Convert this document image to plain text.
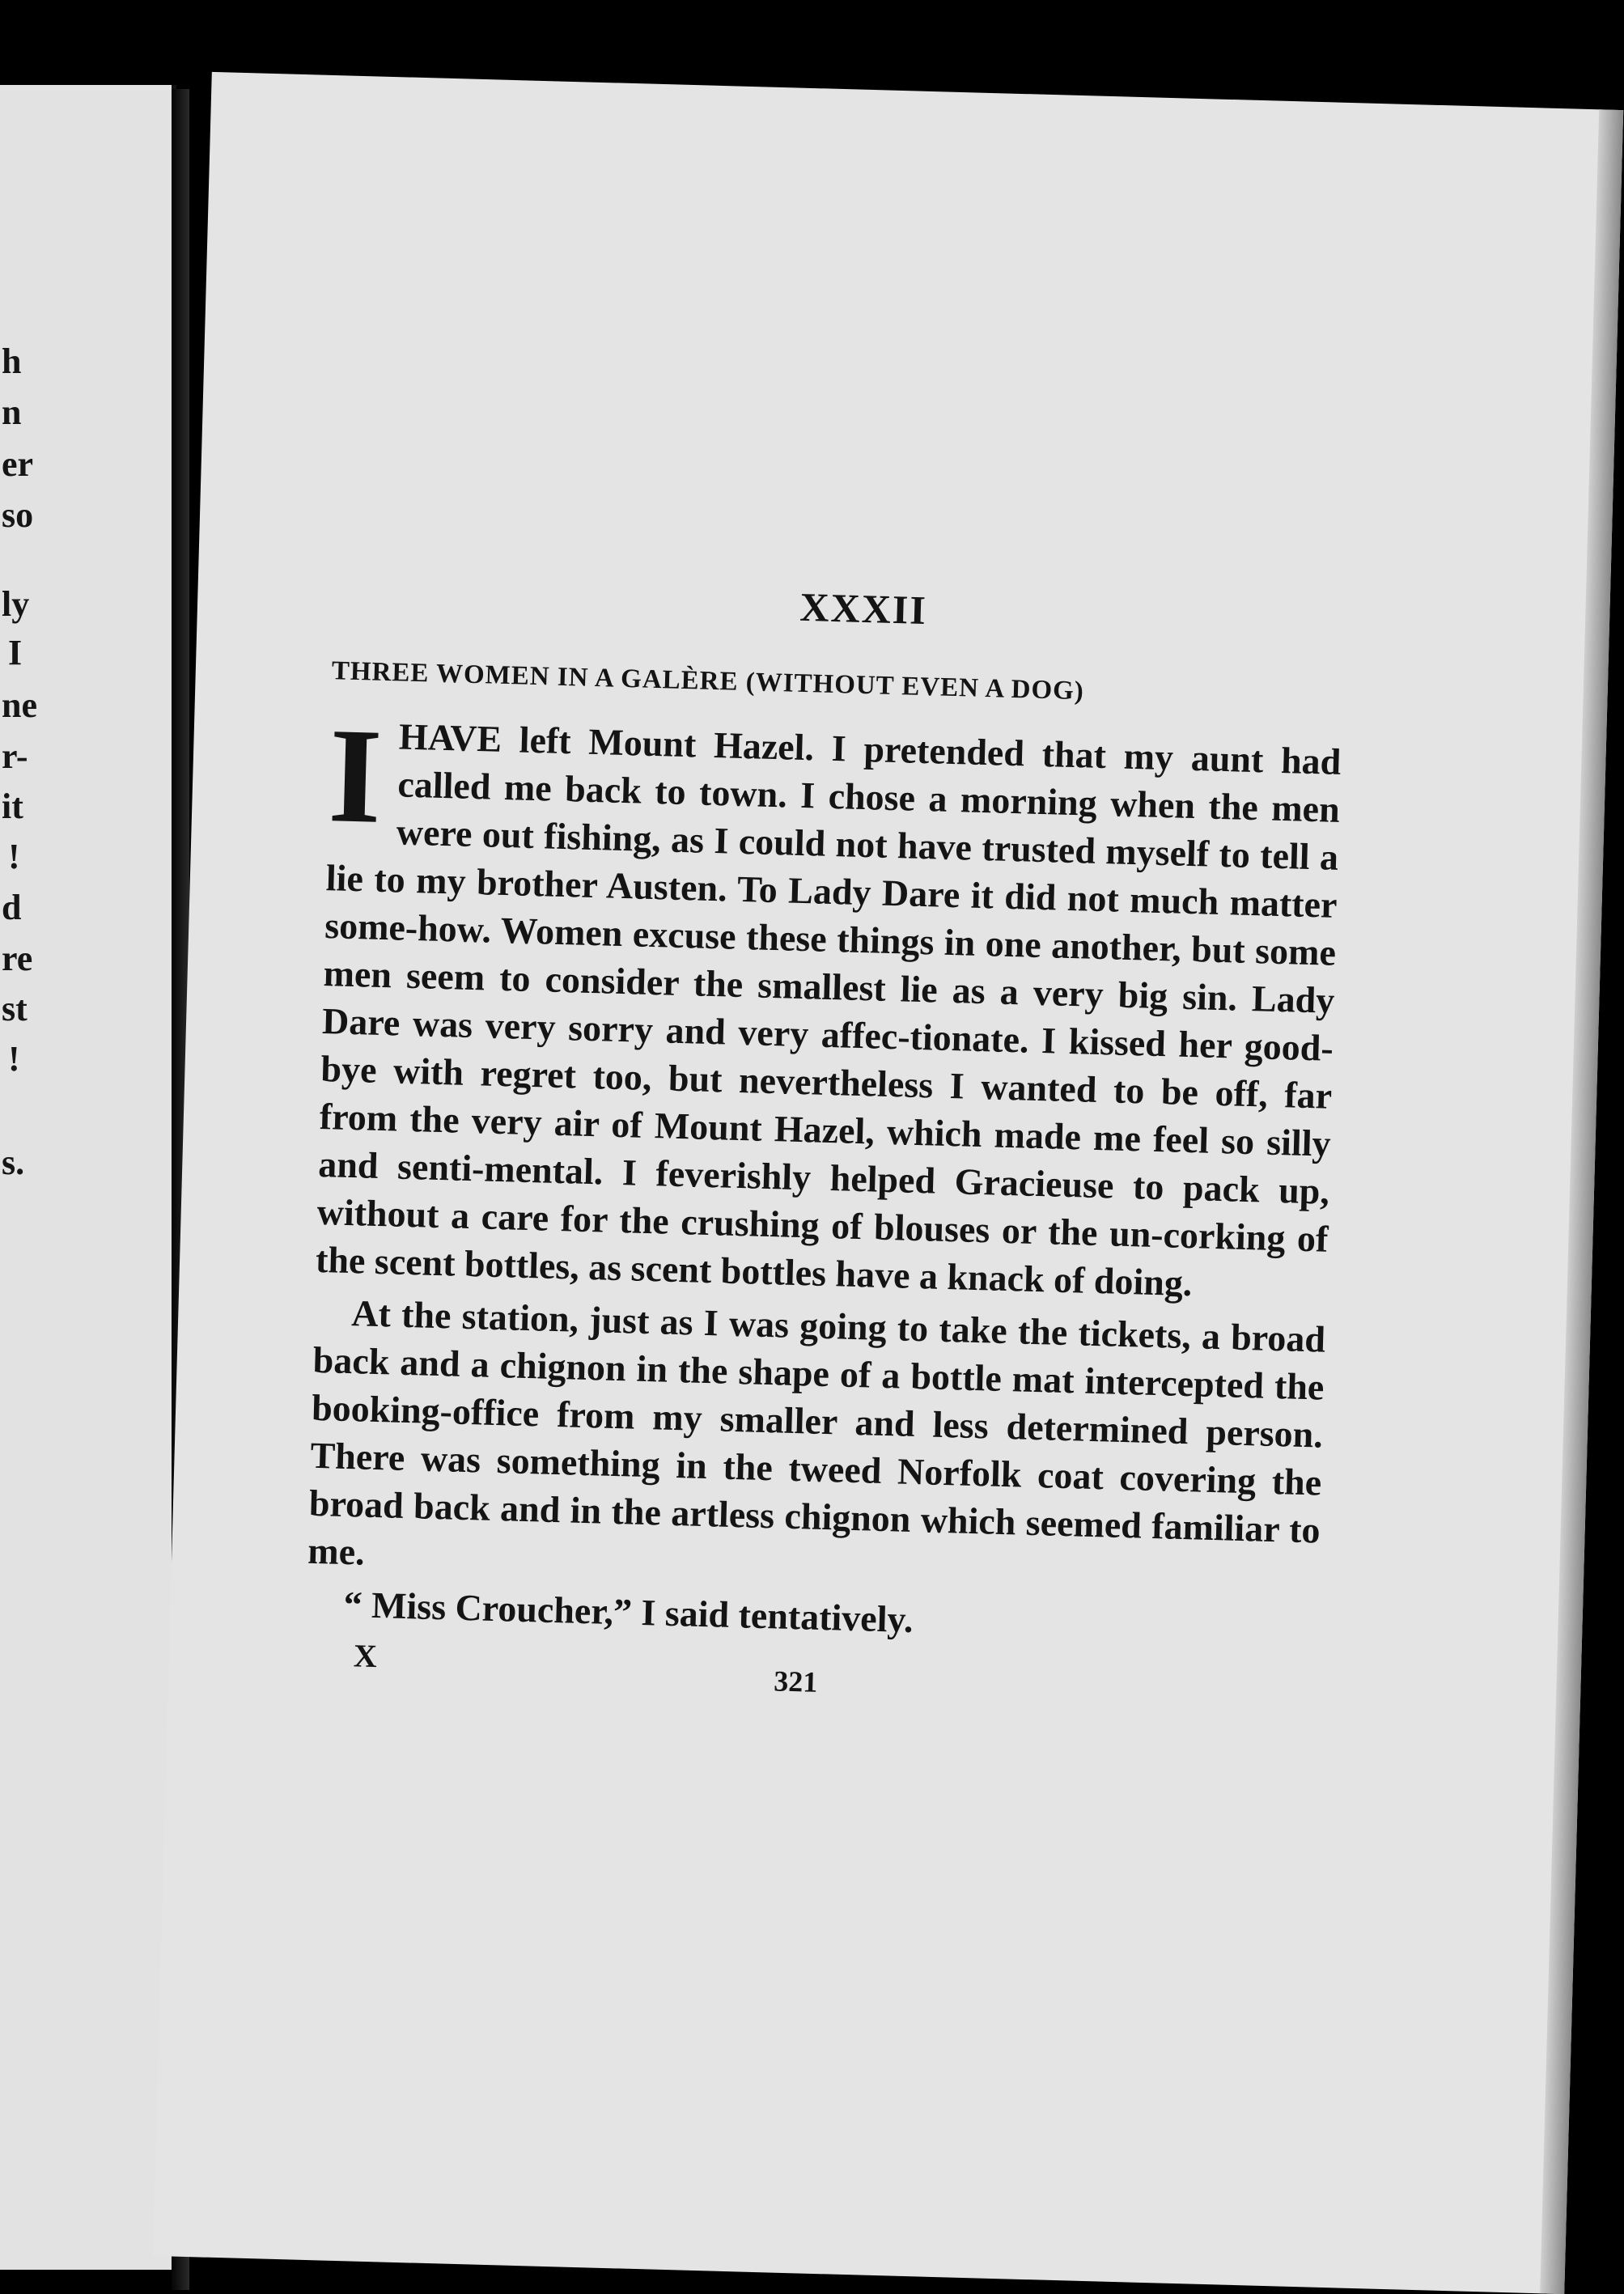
h
n
er
so
ly
I
ne
r-
it
!
d
re
st
!
s.
XXXII
THREE WOMEN IN A GALÈRE (WITHOUT EVEN A DOG)

IHAVE left Mount Hazel. I pretended that my aunt had called me back to town. I chose a morning when the men were out fishing, as I could not have trusted myself to tell a lie to my brother Austen. To Lady Dare it did not much matter some-how. Women excuse these things in one another, but some men seem to consider the smallest lie as a very big sin. Lady Dare was very sorry and very affec-tionate. I kissed her good-bye with regret too, but nevertheless I wanted to be off, far from the very air of Mount Hazel, which made me feel so silly and senti-mental. I feverishly helped Gracieuse to pack up, without a care for the crushing of blouses or the un-corking of the scent bottles, as scent bottles have a knack of doing.

At the station, just as I was going to take the tickets, a broad back and a chignon in the shape of a bottle mat intercepted the booking-office from my smaller and less determined person. There was something in the tweed Norfolk coat covering the broad back and in the artless chignon which seemed familiar to me.

“ Miss Croucher,” I said tentatively.

X
321
